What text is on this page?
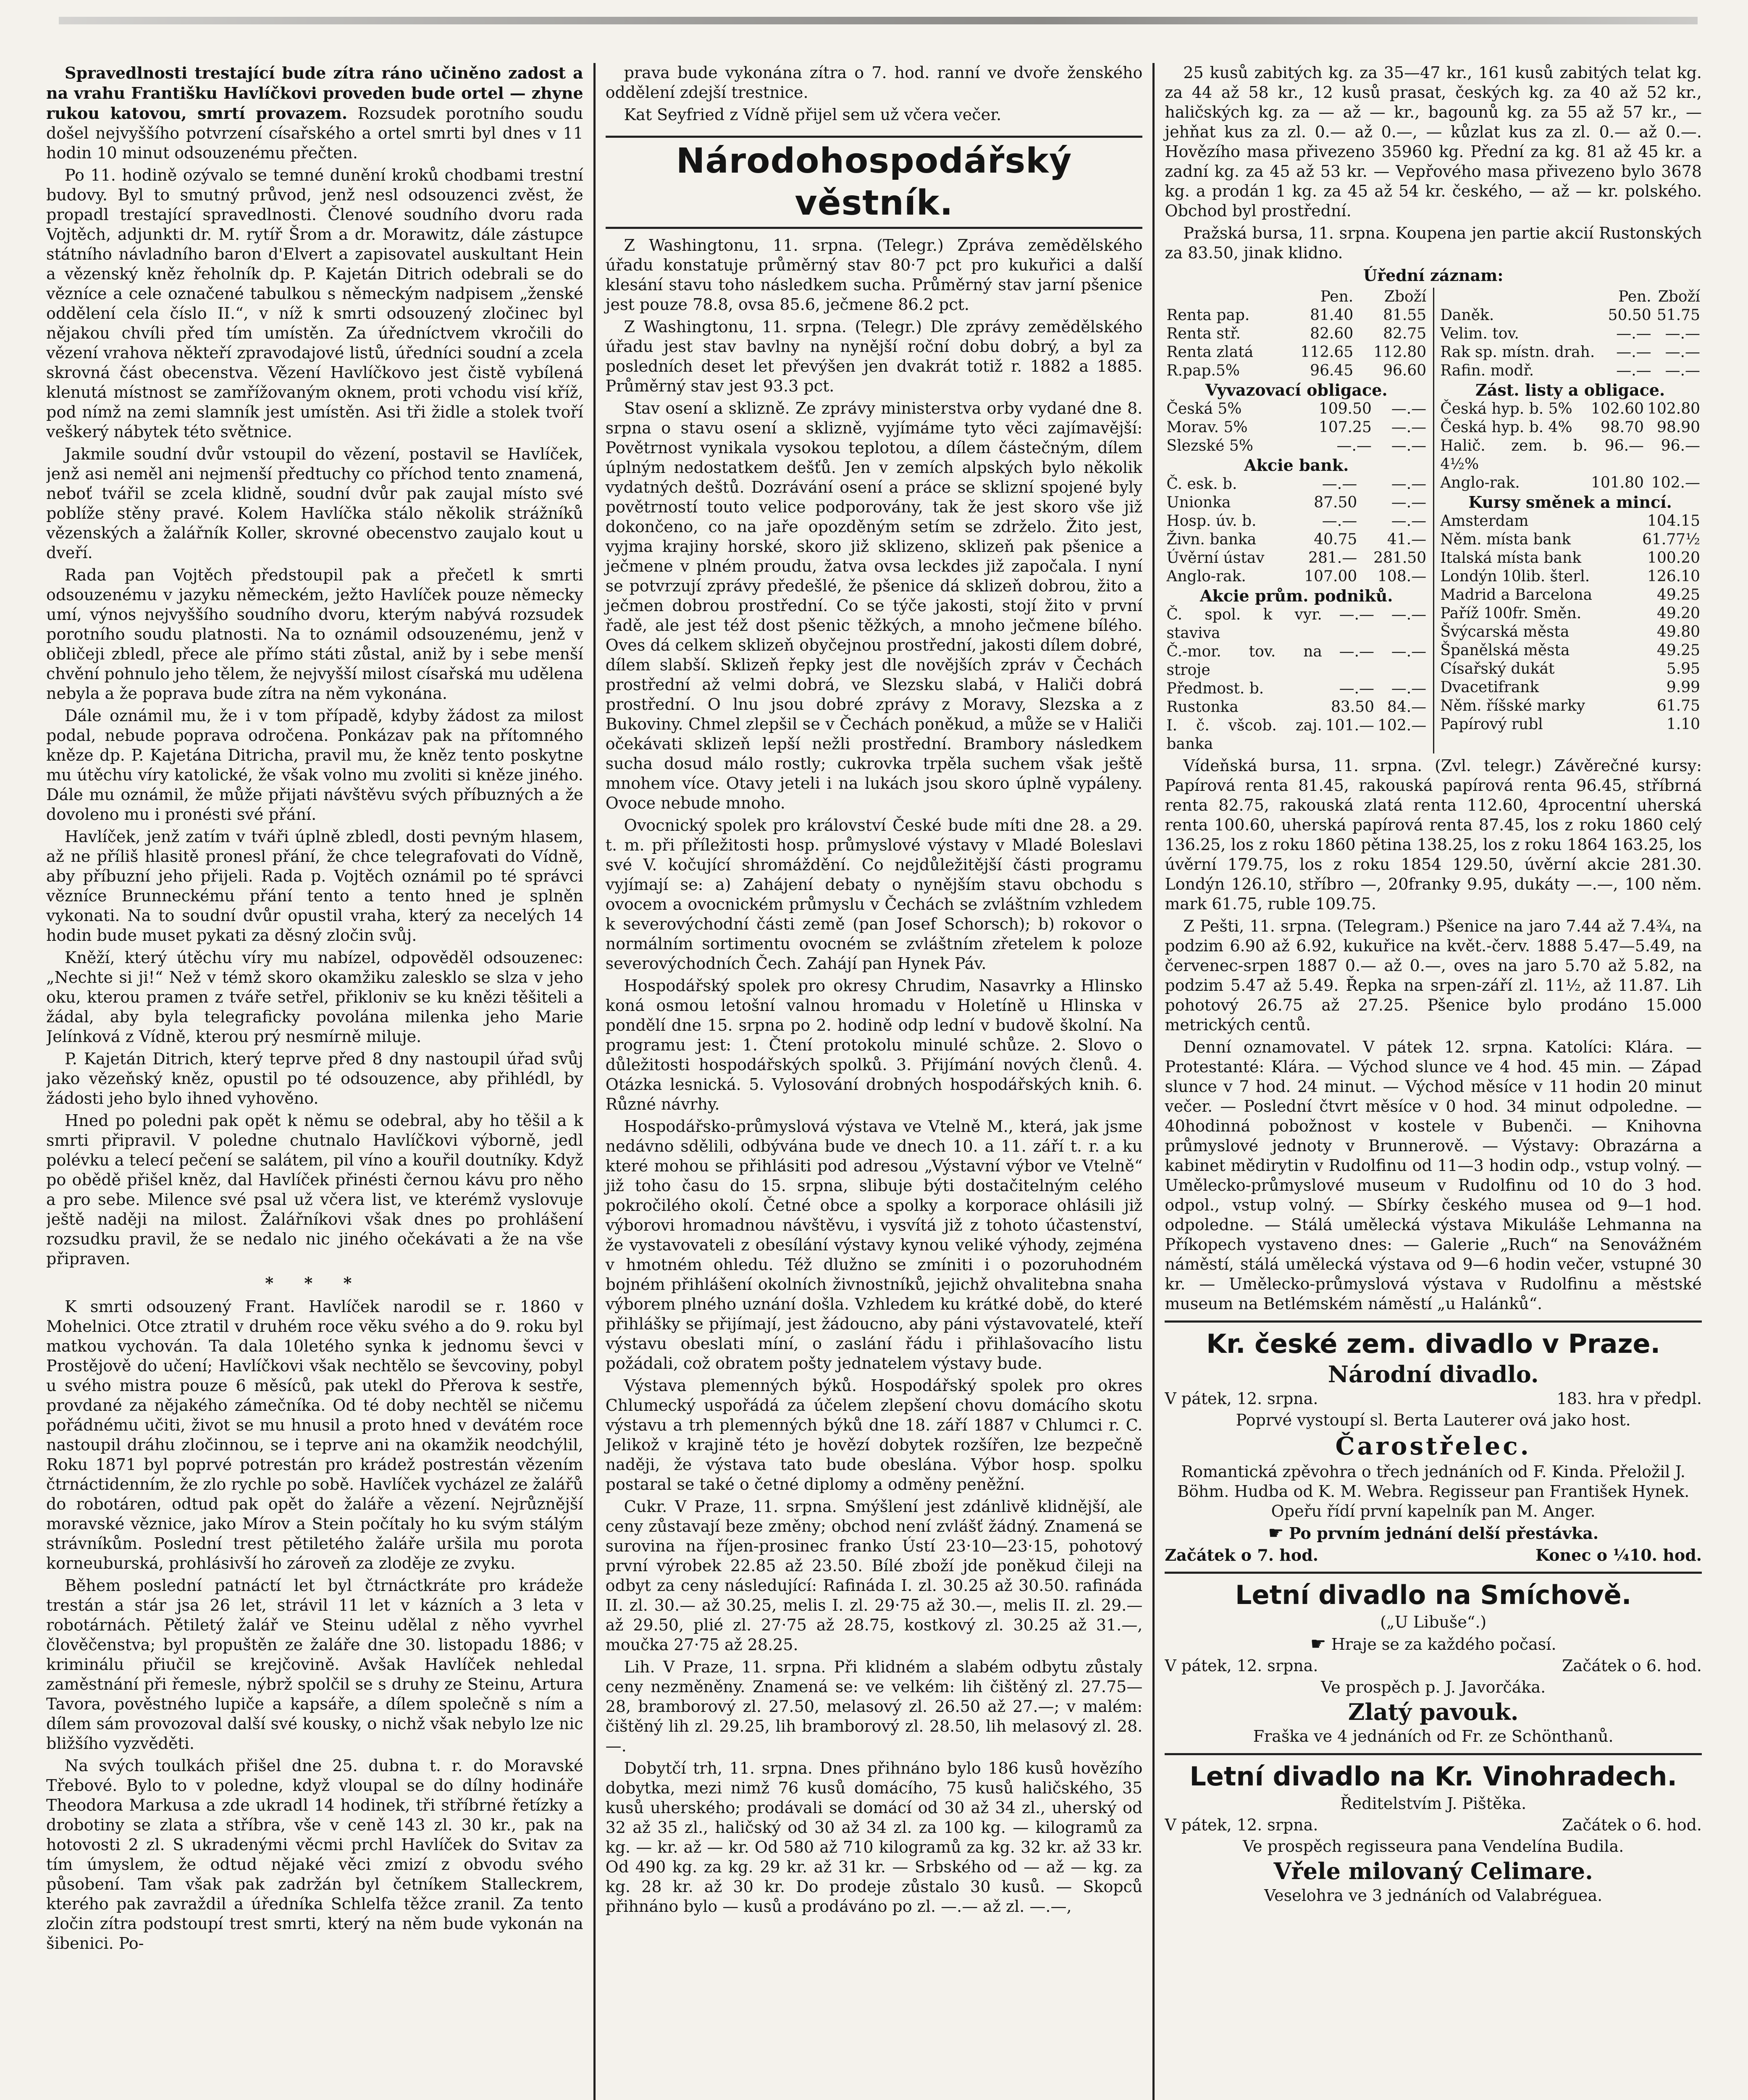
Spravedlnosti trestající bude zítra ráno učiněno zadost a na vrahu Františku Havlíčkovi proveden bude ortel — zhyne rukou katovou, smrtí provazem. Rozsudek porotního soudu došel nejvyššího potvrzení císařského a ortel smrti byl dnes v 11 hodin 10 minut odsouzenému přečten.

Po 11. hodině ozývalo se temné dunění kroků chodbami trestní budovy. Byl to smutný průvod, jenž nesl odsouzenci zvěst, že propadl trestající spravedlnosti. Členové soudního dvoru rada Vojtěch, adjunkti dr. M. rytíř Šrom a dr. Morawitz, dále zástupce státního návladního baron d'Elvert a zapisovatel auskultant Hein a vězenský kněz řeholník dp. P. Kajetán Ditrich odebrali se do vězníce a cele označené tabulkou s německým nadpisem „ženské oddělení cela číslo II.“, v níž k smrti odsouzený zločinec byl nějakou chvíli před tím umístěn. Za úředníctvem vkročili do vězení vrahova někteří zpravodajové listů, úředníci soudní a zcela skrovná část obecenstva. Vězení Havlíčkovo jest čistě vybílená klenutá místnost se zamřížovaným oknem, proti vchodu visí kříž, pod nímž na zemi slamník jest umístěn. Asi tři židle a stolek tvoří veškerý nábytek této světnice.

Jakmile soudní dvůr vstoupil do vězení, postavil se Havlíček, jenž asi neměl ani nejmenší předtuchy co příchod tento znamená, neboť tvářil se zcela klidně, soudní dvůr pak zaujal místo své poblíže stěny pravé. Kolem Havlíčka stálo několik strážníků vězenských a žalářník Koller, skrovné obecenstvo zaujalo kout u dveří.

Rada pan Vojtěch předstoupil pak a přečetl k smrti odsouzenému v jazyku německém, ježto Havlíček pouze německy umí, výnos nejvyššího soudního dvoru, kterým nabývá rozsudek porotního soudu platnosti. Na to oznámil odsouzenému, jenž v obličeji zbledl, přece ale přímo státi zůstal, aniž by i sebe menší chvění pohnulo jeho tělem, že nejvyšší milost císařská mu udělena nebyla a že poprava bude zítra na něm vykonána.

Dále oznámil mu, že i v tom případě, kdyby žádost za milost podal, nebude poprava odročena. Ponkázav pak na přítomného kněze dp. P. Kajetána Ditricha, pravil mu, že kněz tento poskytne mu útěchu víry katolické, že však volno mu zvoliti si kněze jiného. Dále mu oznámil, že může přijati návštěvu svých příbuzných a že dovoleno mu i pronésti své přání.

Havlíček, jenž zatím v tváři úplně zbledl, dosti pevným hlasem, až ne příliš hlasitě pronesl přání, že chce telegrafovati do Vídně, aby příbuzní jeho přijeli. Rada p. Vojtěch oznámil po té správci vězníce Brunneckému přání tento a tento hned je splněn vykonati. Na to soudní dvůr opustil vraha, který za necelých 14 hodin bude muset pykati za děsný zločin svůj.

Kněží, který útěchu víry mu nabízel, odpověděl odsouzenec: „Nechte si ji!“ Než v témž skoro okamžiku zalesklo se slza v jeho oku, kterou pramen z tváře setřel, přikloniv se ku knězi těšiteli a žádal, aby byla telegraficky povolána milenka jeho Marie Jelínková z Vídně, kterou prý nesmírně miluje.

P. Kajetán Ditrich, který teprve před 8 dny nastoupil úřad svůj jako vězeňský kněz, opustil po té odsouzence, aby přihlédl, by žádosti jeho bylo ihned vyhověno.

Hned po poledni pak opět k němu se odebral, aby ho těšil a k smrti připravil. V poledne chutnalo Havlíčkovi výborně, jedl polévku a telecí pečení se salátem, pil víno a kouřil doutníky. Když po obědě přišel kněz, dal Havlíček přinésti černou kávu pro něho a pro sebe. Milence své psal už včera list, ve kterémž vyslovuje ještě naději na milost. Žalářníkovi však dnes po prohlášení rozsudku pravil, že se nedalo nic jiného očekávati a že na vše připraven.

* * *

K smrti odsouzený Frant. Havlíček narodil se r. 1860 v Mohelnici. Otce ztratil v druhém roce věku svého a do 9. roku byl matkou vychován. Ta dala 10letého synka k jednomu ševci v Prostějově do učení; Havlíčkovi však nechtělo se ševcoviny, pobyl u svého mistra pouze 6 měsíců, pak utekl do Přerova k sestře, provdané za nějakého zámečníka. Od té doby nechtěl se ničemu pořádnému učiti, život se mu hnusil a proto hned v devátém roce nastoupil dráhu zločinnou, se i teprve ani na okamžik neodchýlil, Roku 1871 byl poprvé potrestán pro krádež postrestán vězením čtrnáctidenním, že zlo rychle po sobě. Havlíček vycházel ze žalářů do robotáren, odtud pak opět do žaláře a vězení. Nejrůznější moravské věznice, jako Mírov a Stein počítaly ho ku svým stálým strávníkům. Poslední trest pětiletého žaláře uršila mu porota korneuburská, prohlásivší ho zároveň za zloděje ze zvyku.

Během poslední patnáctí let byl čtrnáctkráte pro krádeže trestán a stár jsa 26 let, strávil 11 let v kázních a 3 leta v robotárnách. Pětiletý žalář ve Steinu udělal z něho vyvrhel člověčenstva; byl propuštěn ze žaláře dne 30. listopadu 1886; v kriminálu přiučil se krejčovině. Avšak Havlíček nehledal zaměstnání při řemesle, nýbrž spolčil se s druhy ze Steinu, Artura Tavora, pověstného lupiče a kapsáře, a dílem společně s ním a dílem sám provozoval další své kousky, o nichž však nebylo lze nic bližšího vyzvěděti.

Na svých toulkách přišel dne 25. dubna t. r. do Moravské Třebové. Bylo to v poledne, když vloupal se do dílny hodináře Theodora Markusa a zde ukradl 14 hodinek, tři stříbrné řetízky a drobotiny se zlata a stříbra, vše v ceně 143 zl. 30 kr., pak na hotovosti 2 zl. S ukradenými věcmi prchl Havlíček do Svitav za tím úmyslem, že odtud nějaké věci zmizí z obvodu svého působení. Tam však pak zadržán byl četníkem Stalleckrem, kterého pak zavraždil a úředníka Schlelfa těžce zranil. Za tento zločin zítra podstoupí trest smrti, který na něm bude vykonán na šibenici. Po-

prava bude vykonána zítra o 7. hod. ranní ve dvoře ženského oddělení zdejší trestnice.

Kat Seyfried z Vídně přijel sem už včera večer.

Národohospodářský věstník.

Z Washingtonu, 11. srpna. (Telegr.) Zpráva zemědělského úřadu konstatuje průměrný stav 80·7 pct pro kukuřici a další klesání stavu toho následkem sucha. Průměrný stav jarní pšenice jest pouze 78.8, ovsa 85.6, ječmene 86.2 pct.

Z Washingtonu, 11. srpna. (Telegr.) Dle zprávy zemědělského úřadu jest stav bavlny na nynější roční dobu dobrý, a byl za posledních deset let převýšen jen dvakrát totiž r. 1882 a 1885. Průměrný stav jest 93.3 pct.

Stav osení a sklizně. Ze zprávy ministerstva orby vydané dne 8. srpna o stavu osení a sklizně, vyjímáme tyto věci zajímavější: Povětrnost vynikala vysokou teplotou, a dílem částečným, dílem úplným nedostatkem dešťů. Jen v zemích alpských bylo několik vydatných deštů. Dozrávání osení a práce se sklizní spojené byly povětrností touto velice podporovány, tak že jest skoro vše již dokončeno, co na jaře opozděným setím se zdrželo. Žito jest, vyjma krajiny horské, skoro již sklizeno, sklizeň pak pšenice a ječmene v plném proudu, žatva ovsa leckdes již započala. I nyní se potvrzují zprávy předešlé, že pšenice dá sklizeň dobrou, žito a ječmen dobrou prostřední. Co se týče jakosti, stojí žito v první řadě, ale jest též dost pšenic těžkých, a mnoho ječmene bílého. Oves dá celkem sklizeň obyčejnou prostřední, jakosti dílem dobré, dílem slabší. Sklizeň řepky jest dle novějších zpráv v Čechách prostřední až velmi dobrá, ve Slezsku slabá, v Haliči dobrá prostřední. O lnu jsou dobré zprávy z Moravy, Slezska a z Bukoviny. Chmel zlepšil se v Čechách poněkud, a může se v Haliči očekávati sklizeň lepší nežli prostřední. Brambory následkem sucha dosud málo rostly; cukrovka trpěla suchem však ještě mnohem více. Otavy jeteli i na lukách jsou skoro úplně vypáleny. Ovoce nebude mnoho.

Ovocnický spolek pro království České bude míti dne 28. a 29. t. m. při příležitosti hosp. průmyslové výstavy v Mladé Boleslavi své V. kočující shromáždění. Co nejdůležitější části programu vyjímají se: a) Zahájení debaty o nynějším stavu obchodu s ovocem a ovocnickém průmyslu v Čechách se zvláštním vzhledem k severovýchodní části země (pan Josef Schorsch); b) rokovor o normálním sortimentu ovocném se zvláštním zřetelem k poloze severovýchodních Čech. Zahájí pan Hynek Páv.

Hospodářský spolek pro okresy Chrudim, Nasavrky a Hlinsko koná osmou letošní valnou hromadu v Holetíně u Hlinska v pondělí dne 15. srpna po 2. hodině odp lední v budově školní. Na programu jest: 1. Čtení protokolu minulé schůze. 2. Slovo o důležitosti hospodářských spolků. 3. Přijímání nových členů. 4. Otázka lesnická. 5. Vylosování drobných hospodářských knih. 6. Různé návrhy.

Hospodářsko-průmyslová výstava ve Vtelně M., která, jak jsme nedávno sdělili, odbývána bude ve dnech 10. a 11. září t. r. a ku které mohou se přihlásiti pod adresou „Výstavní výbor ve Vtelně“ již toho času do 15. srpna, slibuje býti dostačitelným celého pokročilého okolí. Četné obce a spolky a korporace ohlásili již výborovi hromadnou návštěvu, i vysvítá již z tohoto účastenství, že vystavovateli z obesílání výstavy kynou veliké výhody, zejména v hmotném ohledu. Též dlužno se zmíniti i o pozoruhodném bojném přihlášení okolních živnostníků, jejichž ohvalitebna snaha výborem plného uznání došla. Vzhledem ku krátké době, do které přihlášky se přijímají, jest žádoucno, aby páni výstavovatelé, kteří výstavu obeslati míní, o zaslání řádu i přihlašovacího listu požádali, což obratem pošty jednatelem výstavy bude.

Výstava plemenných býků. Hospodářský spolek pro okres Chlumecký uspořádá za účelem zlepšení chovu domácího skotu výstavu a trh plemenných býků dne 18. září 1887 v Chlumci r. C. Jelikož v krajině této je hovězí dobytek rozšířen, lze bezpečně naději, že výstava tato bude obeslána. Výbor hosp. spolku postaral se také o četné diplomy a odměny peněžní.

Cukr. V Praze, 11. srpna. Smýšlení jest zdánlivě klidnější, ale ceny zůstavají beze změny; obchod není zvlášť žádný. Znamená se surovina na říjen-prosinec franko Ústí 23·10—23·15, pohotový první výrobek 22.85 až 23.50. Bílé zboží jde poněkud čileji na odbyt za ceny následující: Rafináda I. zl. 30.25 až 30.50. rafináda II. zl. 30.— až 30.25, melis I. zl. 29·75 až 30.—, melis II. zl. 29.— až 29.50, plié zl. 27·75 až 28.75, kostkový zl. 30.25 až 31.—, moučka 27·75 až 28.25.

Lih. V Praze, 11. srpna. Při klidném a slabém odbytu zůstaly ceny nezměněny. Znamená se: ve velkém: lih čištěný zl. 27.75—28, bramborový zl. 27.50, melasový zl. 26.50 až 27.—; v malém: čištěný lih zl. 29.25, lih bramborový zl. 28.50, lih melasový zl. 28.—.

Dobytčí trh, 11. srpna. Dnes přihnáno bylo 186 kusů hovězího dobytka, mezi nimž 76 kusů domácího, 75 kusů haličského, 35 kusů uherského; prodávali se domácí od 30 až 34 zl., uherský od 32 až 35 zl., haličský od 30 až 34 zl. za 100 kg. — kilogramů za kg. — kr. až — kr. Od 580 až 710 kilogramů za kg. 32 kr. až 33 kr. Od 490 kg. za kg. 29 kr. až 31 kr. — Srbského od — až — kg. za kg. 28 kr. až 30 kr. Do prodeje zůstalo 30 kusů. — Skopců přihnáno bylo — kusů a prodáváno po zl. —.— až zl. —.—,

25 kusů zabitých kg. za 35—47 kr., 161 kusů zabitých telat kg. za 44 až 58 kr., 12 kusů prasat, českých kg. za 40 až 52 kr., haličských kg. za — až — kr., bagounů kg. za 55 až 57 kr., — jehňat kus za zl. 0.— až 0.—, — kůzlat kus za zl. 0.— až 0.—. Hovězího masa přivezeno 35960 kg. Přední za kg. 81 až 45 kr. a zadní kg. za 45 až 53 kr. — Vepřového masa přivezeno bylo 3678 kg. a prodán 1 kg. za 45 až 54 kr. českého, — až — kr. polského. Obchod byl prostřední.

Pražská bursa, 11. srpna. Koupena jen partie akcií Rustonských za 83.50, jinak klidno.

Úřední záznam:
	Pen.	Zboží
Renta pap.	81.40	81.55
Renta stř.	82.60	82.75
Renta zlatá	112.65	112.80
R.pap.5%	96.45	96.60
Vyvazovací obligace.
Česká 5%	109.50	—.—
Morav. 5%	107.25	—.—
Slezské 5%	—.—	—.—
Akcie bank.
Č. esk. b.	—.—	—.—
Unionka	87.50	—.—
Hosp. úv. b.	—.—	—.—
Živn. banka	40.75	41.—
Úvěrní ústav	281.—	281.50
Anglo-rak.	107.00	108.—
Akcie prům. podniků.
Č. spol. k vyr. staviva	—.—	—.—
Č.-mor. tov. na stroje	—.—	—.—
Předmost. b.	—.—	—.—
Rustonka	83.50	84.—
I. č. všcob. zaj. banka	101.—	102.—
	Pen.	Zboží
Daněk.	50.50	51.75
Velim. tov.	—.—	—.—
Rak sp. místn. drah.	—.—	—.—
Rafin. modř.	—.—	—.—
Zást. listy a obligace.
Česká hyp. b. 5%	102.60	102.80
Česká hyp. b. 4%	98.70	98.90
Halič. zem. b. 4½%	96.—	96.—
Anglo-rak.	101.80	102.—
Kursy směnek a mincí.
Amsterdam	104.15
Něm. místa bank	61.77½
Italská místa bank	100.20
Londýn 10lib. šterl.	126.10
Madrid a Barcelona	49.25
Paříž 100fr. Směn.	49.20
Švýcarská města	49.80
Španělská města	49.25
Císařský dukát	5.95
Dvacetifrank	9.99
Něm. říšské marky	61.75
Papírový rubl	1.10

Vídeňská bursa, 11. srpna. (Zvl. telegr.) Závěrečné kursy: Papírová renta 81.45, rakouská papírová renta 96.45, stříbrná renta 82.75, rakouská zlatá renta 112.60, 4procentní uherská renta 100.60, uherská papírová renta 87.45, los z roku 1860 celý 136.25, los z roku 1860 pětina 138.25, los z roku 1864 163.25, los úvěrní 179.75, los z roku 1854 129.50, úvěrní akcie 281.30. Londýn 126.10, stříbro —, 20franky 9.95, dukáty —.—, 100 něm. mark 61.75, ruble 109.75.

Z Pešti, 11. srpna. (Telegram.) Pšenice na jaro 7.44 až 7.4¾, na podzim 6.90 až 6.92, kukuřice na květ.-červ. 1888 5.47—5.49, na červenec-srpen 1887 0.— až 0.—, oves na jaro 5.70 až 5.82, na podzim 5.47 až 5.49. Řepka na srpen-září zl. 11½, až 11.87. Lih pohotový 26.75 až 27.25. Pšenice bylo prodáno 15.000 metrických centů.

Denní oznamovatel. V pátek 12. srpna. Katolíci: Klára. — Protestanté: Klára. — Východ slunce ve 4 hod. 45 min. — Západ slunce v 7 hod. 24 minut. — Východ měsíce v 11 hodin 20 minut večer. — Poslední čtvrt měsíce v 0 hod. 34 minut odpoledne. — 40hodinná pobožnost v kostele v Bubenči. — Knihovna průmyslové jednoty v Brunnerově. — Výstavy: Obrazárna a kabinet mědirytin v Rudolfinu od 11—3 hodin odp., vstup volný. — Umělecko-průmyslové museum v Rudolfinu od 10 do 3 hod. odpol., vstup volný. — Sbírky českého musea od 9—1 hod. odpoledne. — Stálá umělecká výstava Mikuláše Lehmanna na Příkopech vystaveno dnes: — Galerie „Ruch“ na Senovážném náměstí, stálá umělecká výstava od 9—6 hodin večer, vstupné 30 kr. — Umělecko-průmyslová výstava v Rudolfinu a městské museum na Betlémském náměstí „u Halánků“.

Kr. české zem. divadlo v Praze.
Národní divadlo.
V pátek, 12. srpna.	183. hra v předpl.

Poprvé vystoupí sl. Berta Lauterer ová jako host.

Čarostřelec.

Romantická zpěvohra o třech jednáních od F. Kinda. Přeložil J. Böhm. Hudba od K. M. Webra. Regisseur pan František Hynek. Opeřu řídí první kapelník pan M. Anger.

☛ Po prvním jednání delší přestávka.

Začátek o 7. hod.	Konec o ¼10. hod.
Letní divadlo na Smíchově.

(„U Libuše“.)

☛ Hraje se za každého počasí.

V pátek, 12. srpna.	Začátek o 6. hod.

Ve prospěch p. J. Javorčáka.

Zlatý pavouk.

Fraška ve 4 jednáních od Fr. ze Schönthanů.

Letní divadlo na Kr. Vinohradech.

Ředitelstvím J. Pištěka.

V pátek, 12. srpna.	Začátek o 6. hod.

Ve prospěch regisseura pana Vendelína Budila.

Vřele milovaný Celimare.

Veselohra ve 3 jednáních od Valabréguea.
